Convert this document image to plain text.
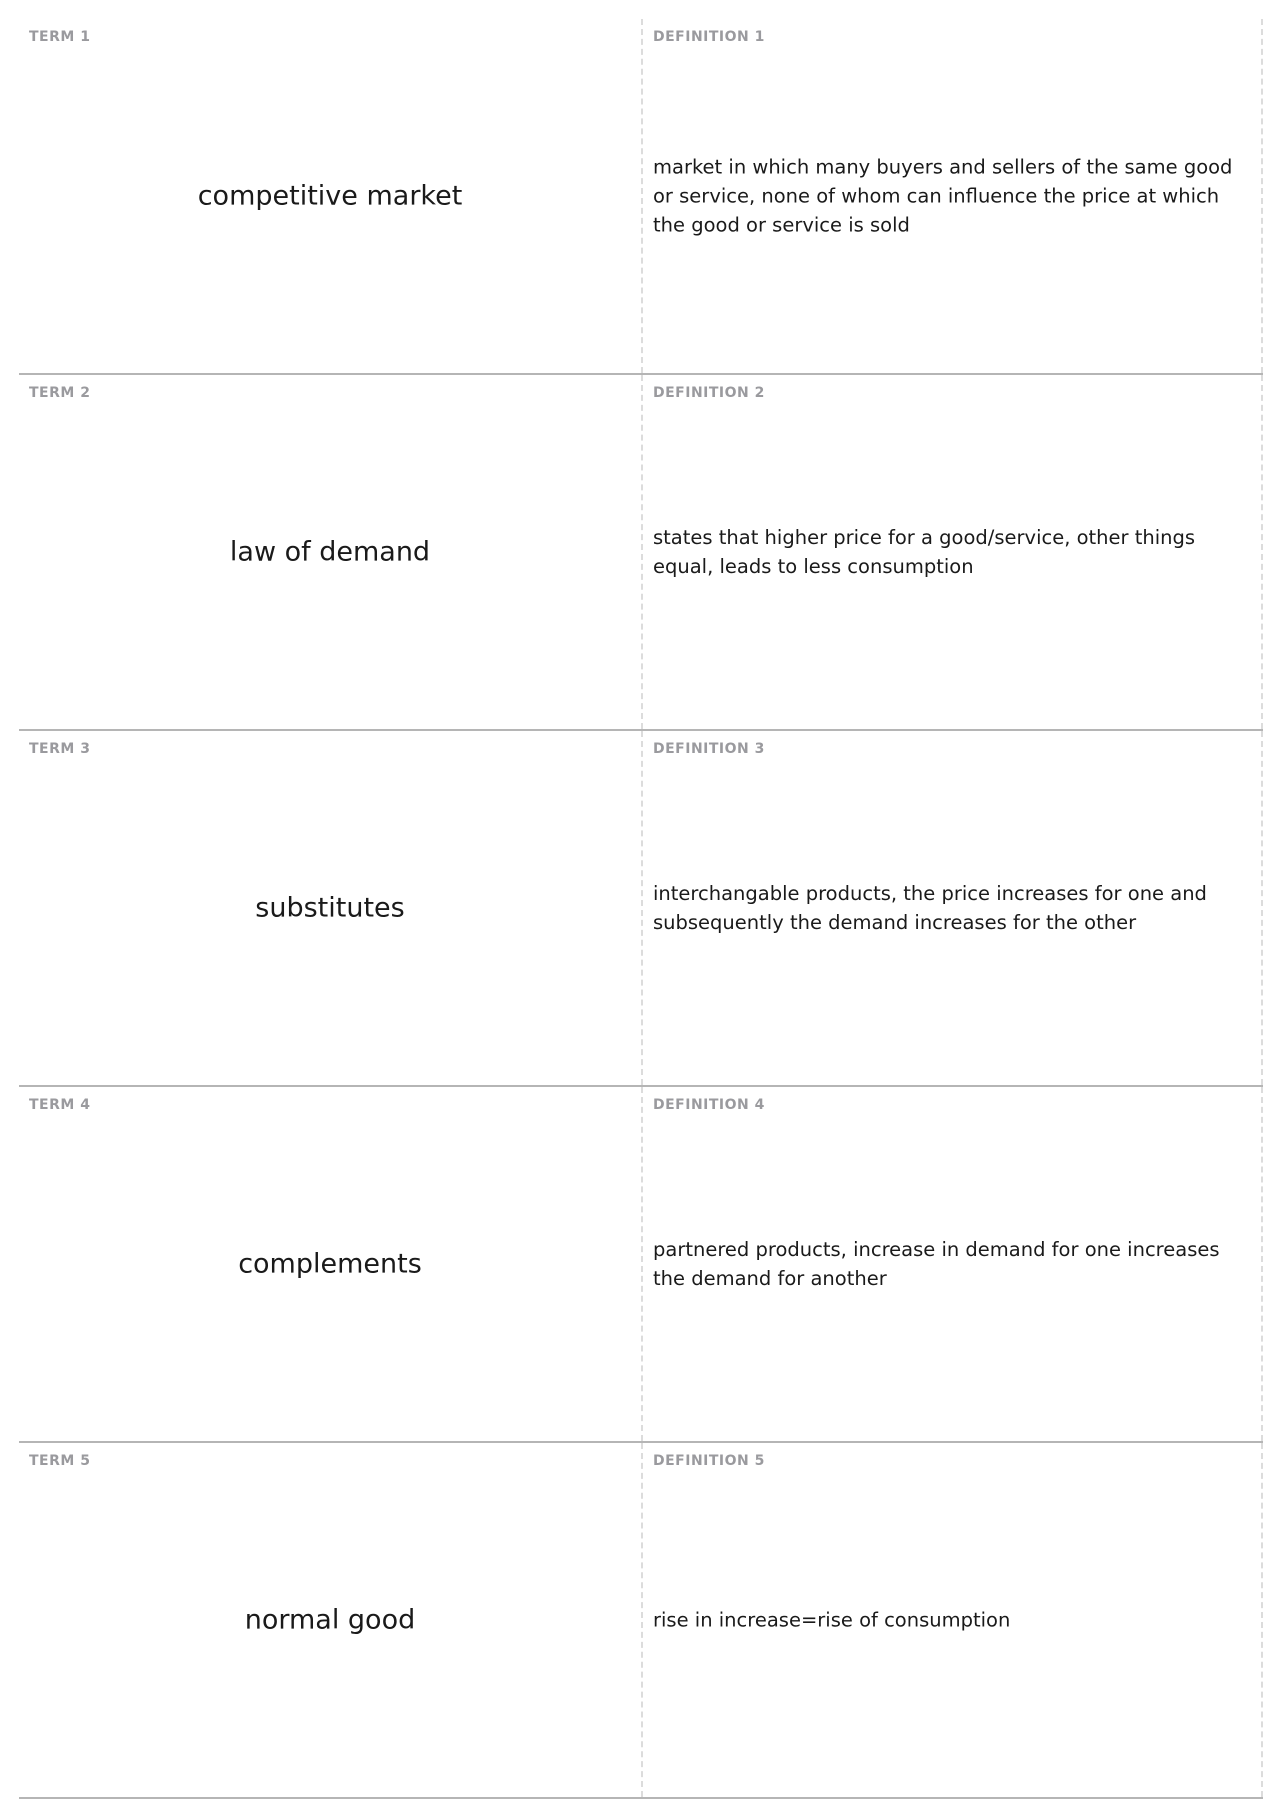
TERM 1
competitive market
DEFINITION 1
market in which many buyers and sellers of the same good or service, none of whom can influence the price at which the good or service is sold
TERM 2
law of demand
DEFINITION 2
states that higher price for a good/service, other things equal, leads to less consumption
TERM 3
substitutes
DEFINITION 3
interchangable products, the price increases for one and subsequently the demand increases for the other
TERM 4
complements
DEFINITION 4
partnered products, increase in demand for one increases the demand for another
TERM 5
normal good
DEFINITION 5
rise in increase=rise of consumption
